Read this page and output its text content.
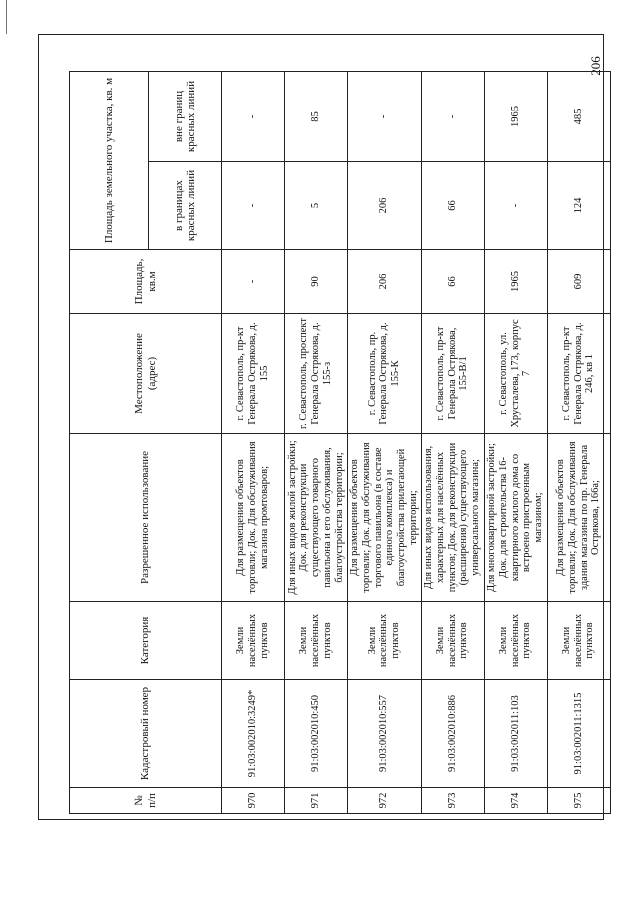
206
№ п/п	Кадастровый номер	Категория	Разрешенное использование	Местоположение (адрес)	Площадь, кв.м	Площадь земельного участка, кв. м	
						в границах красных линий	вне границ красных линий
970	91:03:002010:3249*	Земли населённых пунктов	Для размещения объектов торговли; Док. Для обслуживания магазина промтоваров;	г. Севастополь, пр-кт Генерала Острякова, д. 155	-	-	-
971	91:03:002010:450	Земли населённых пунктов	Для иных видов жилой застройки; Док. для реконструкции существующего товарного павильона и его обслуживания, благоустройства территории;	г. Севастополь, проспект Генерала Острякова, д. 155-з	90	5	85
972	91:03:002010:557	Земли населённых пунктов	Для размещения объектов торговли; Док. для обслуживания торгового павильона (в составе единого комплекса) и благоустройства прилегающей территории;	г. Севастополь, пр. Генерала Острякова, д. 155-К	206	206	-
973	91:03:002010:886	Земли населённых пунктов	Для иных видов использования, характерных для населённых пунктов; Док. для реконструкции (расширения) существующего универсального магазина;	г. Севастополь, пр-кт Генерала Острякова, 155-В/1	66	66	-
974	91:03:002011:103	Земли населённых пунктов	Для многоквартирной застройки; Док. для строительства 16-квартирного жилого дома со встроено пристроенным магазином;	г. Севастополь, ул. Хрусталева, 173, корпус 7	1965	-	1965
975	91:03:002011:1315	Земли населённых пунктов	Для размещения объектов торговли; Док. Для обслуживания здания магазина по пр. Генерала Острякова, 166а;	г. Севастополь, пр-кт Генерала Острякова, д. 246, кв 1	609	124	485
